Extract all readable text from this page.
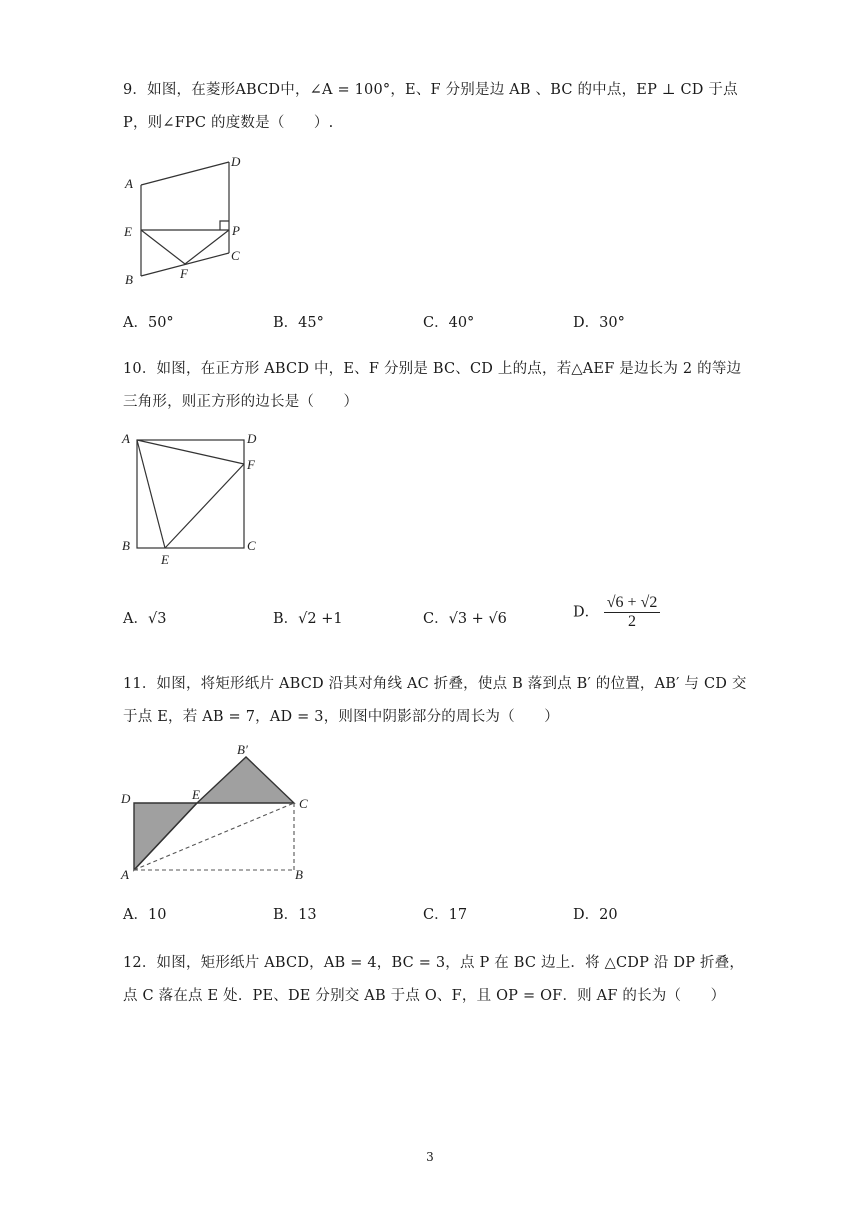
9．如图，在菱形ABCD中，∠A = 100°，E、F 分别是边 AB 、BC 的中点，EP ⊥ CD 于点
P，则∠FPC 的度数是（　　）.
A
D
E	P
C
B	F
A．50°	B．45°	C．40°	D．30°
10．如图，在正方形 ABCD 中，E、F 分别是 BC、CD 上的点，若△AEF 是边长为 2 的等边
三角形，则正方形的边长是（　　）
A	D
F
B
E
C
A．√3	B．√2 +1	C．√3 + √6	D． $\frac{√6 + √2}{2}$
11．如图，将矩形纸片 ABCD 沿其对角线 AC 折叠，使点 B 落到点 B′ 的位置，AB′ 与 CD 交
于点 E，若 AB = 7，AD = 3，则图中阴影部分的周长为（　　）
B′
D	E
C
A	B
A．10	B．13	C．17	D．20
12．如图，矩形纸片 ABCD，AB = 4，BC = 3，点 P 在 BC 边上．将 △CDP 沿 DP 折叠，
点 C 落在点 E 处．PE、DE 分别交 AB 于点 O、F，且 OP = OF．则 AF 的长为（　　）
3
